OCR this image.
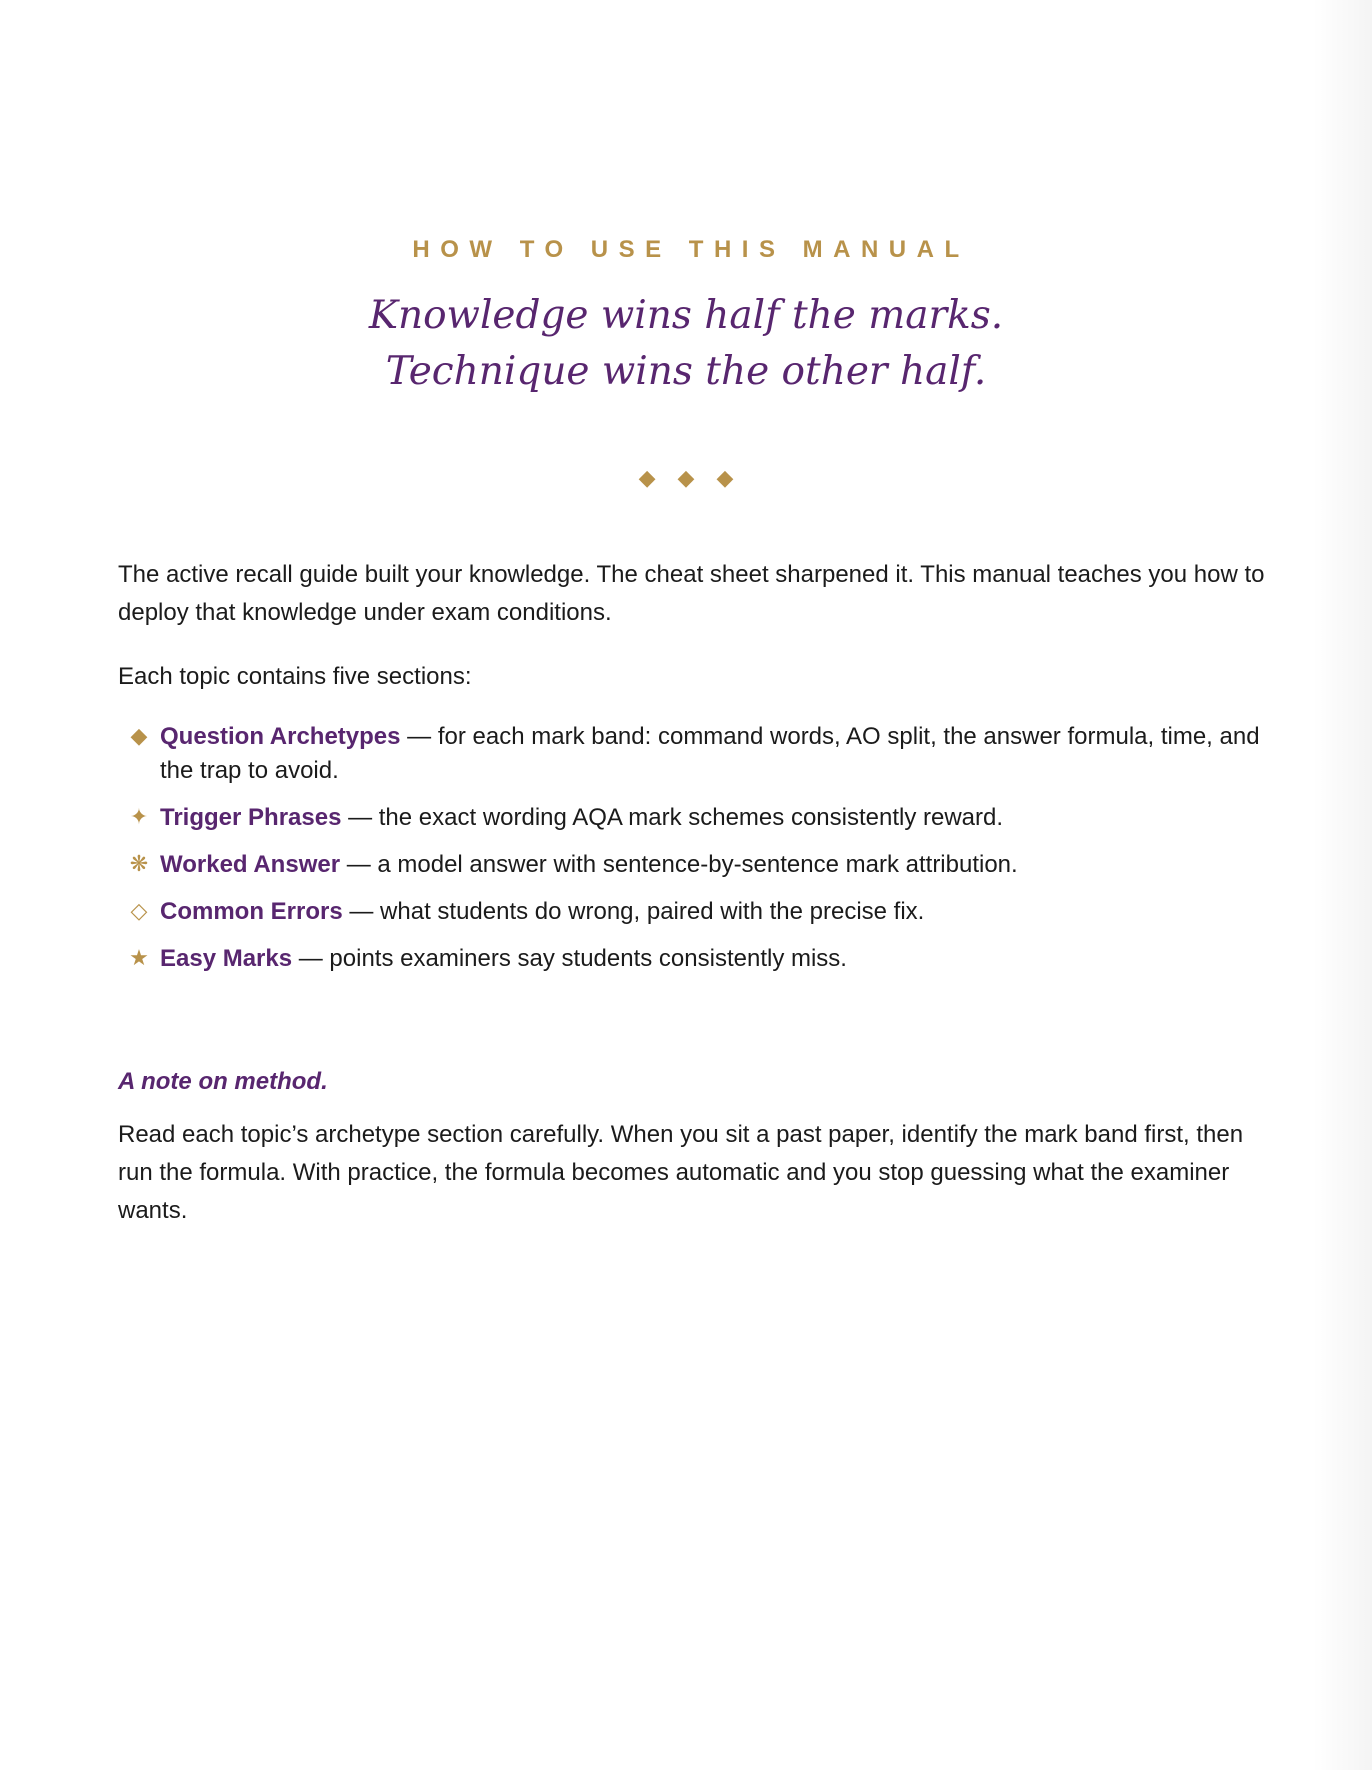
HOW TO USE THIS MANUAL
Knowledge wins half the marks.
Technique wins the other half.
◆◆◆

The active recall guide built your knowledge. The cheat sheet sharpened it. This manual teaches you how to deploy that knowledge under exam conditions.

Each topic contains five sections:

◆ Question Archetypes — for each mark band: command words, AO split, the answer formula, time, and the trap to avoid.
✦ Trigger Phrases — the exact wording AQA mark schemes consistently reward.
❋ Worked Answer — a model answer with sentence-by-sentence mark attribution.
◇ Common Errors — what students do wrong, paired with the precise fix.
★ Easy Marks — points examiners say students consistently miss.
A note on method.

Read each topic’s archetype section carefully. When you sit a past paper, identify the mark band first, then run the formula. With practice, the formula becomes automatic and you stop guessing what the examiner wants.
